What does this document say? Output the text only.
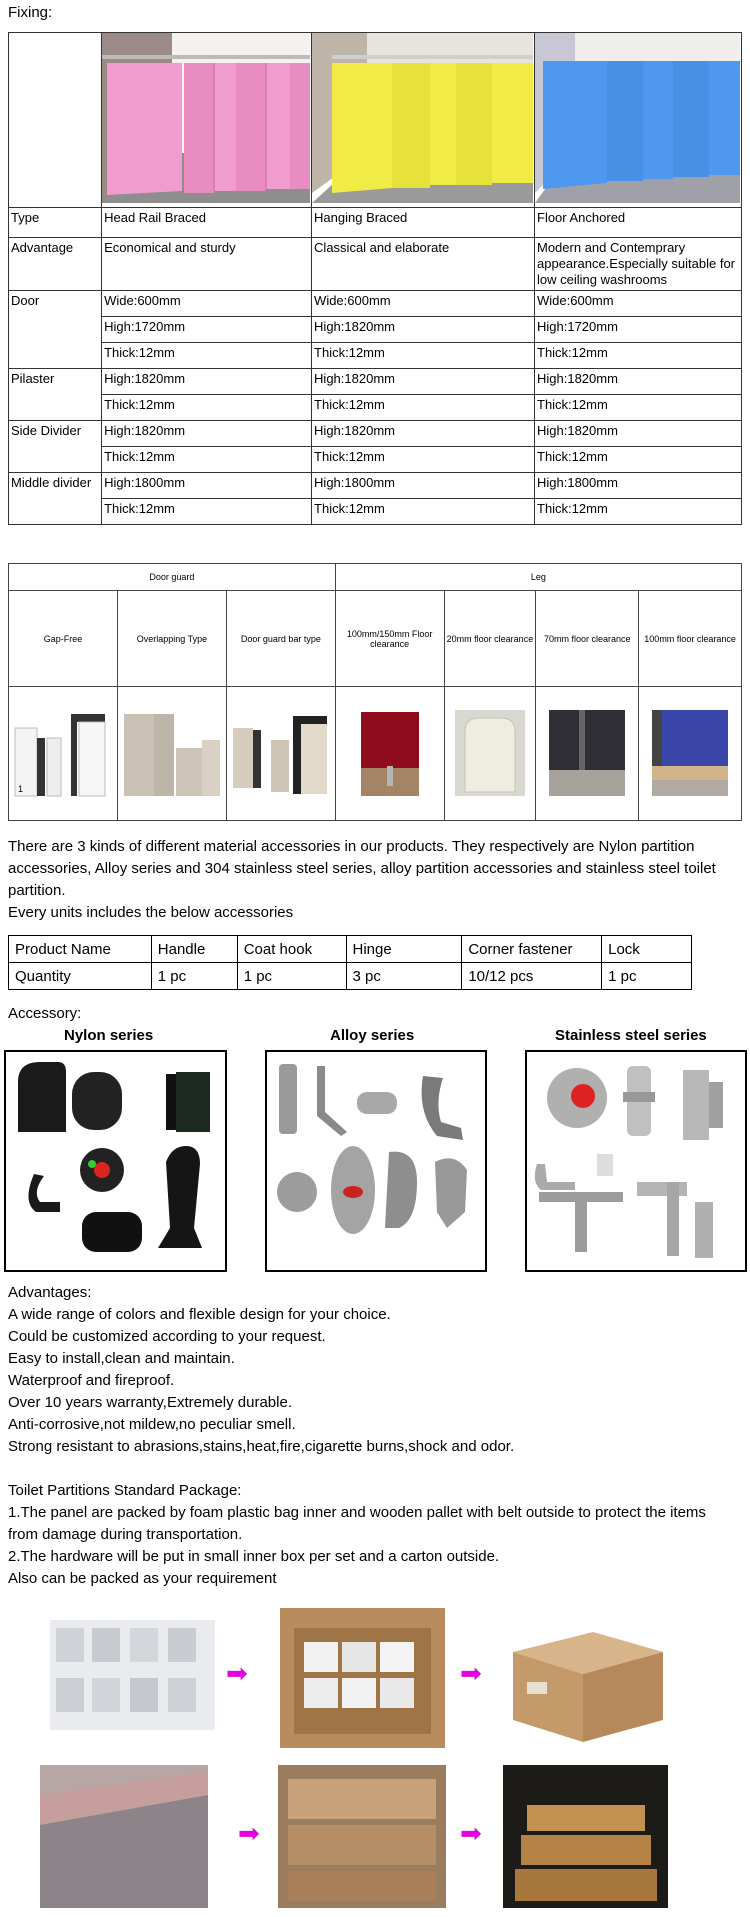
Fixing:

Type	Head Rail Braced	Hanging Braced	Floor Anchored
Advantage	Economical and sturdy	Classical and elaborate	Modern and Contemprary appearance.Especially suitable for low ceiling washrooms
Door	Wide:600mm	Wide:600mm	Wide:600mm
	High:1720mm	High:1820mm	High:1720mm
	Thick:12mm	Thick:12mm	Thick:12mm
Pilaster	High:1820mm	High:1820mm	High:1820mm
	Thick:12mm	Thick:12mm	Thick:12mm
Side Divider	High:1820mm	High:1820mm	High:1820mm
	Thick:12mm	Thick:12mm	Thick:12mm
Middle divider	High:1800mm	High:1800mm	High:1800mm
	Thick:12mm	Thick:12mm	Thick:12mm
Door guard			Leg			
Gap-Free	Overlapping Type	Door guard bar type	100mm/150mm Floor clearance	20mm floor clearance	70mm floor clearance	100mm floor clearance

1

There are 3 kinds of different material accessories in our products. They respectively are Nylon partition accessories, Alloy series and 304 stainless steel series, alloy partition accessories and stainless steel toilet partition.
Every units includes the below accessories
Product Name	Handle	Coat hook	Hinge	Corner fastener	Lock
Quantity	1 pc	1 pc	3 pc	10/12 pcs	1 pc
Accessory:
Nylon series	Alloy series	Stainless steel series
Advantages:
A wide range of colors and flexible design for your choice.
Could be customized according to your request.
Easy to install,clean and maintain.
Waterproof and fireproof.
Over 10 years warranty,Extremely durable.
Anti-corrosive,not mildew,no peculiar smell.
Strong resistant to abrasions,stains,heat,fire,cigarette burns,shock and odor.
Toilet Partitions Standard Package:
1.The panel are packed by foam plastic bag inner and wooden pallet with belt outside to protect the items from damage during transportation.
2.The hardware will be put in small inner box per set and a carton outside.
Also can be packed as your requirement
➡	➡
➡	➡
